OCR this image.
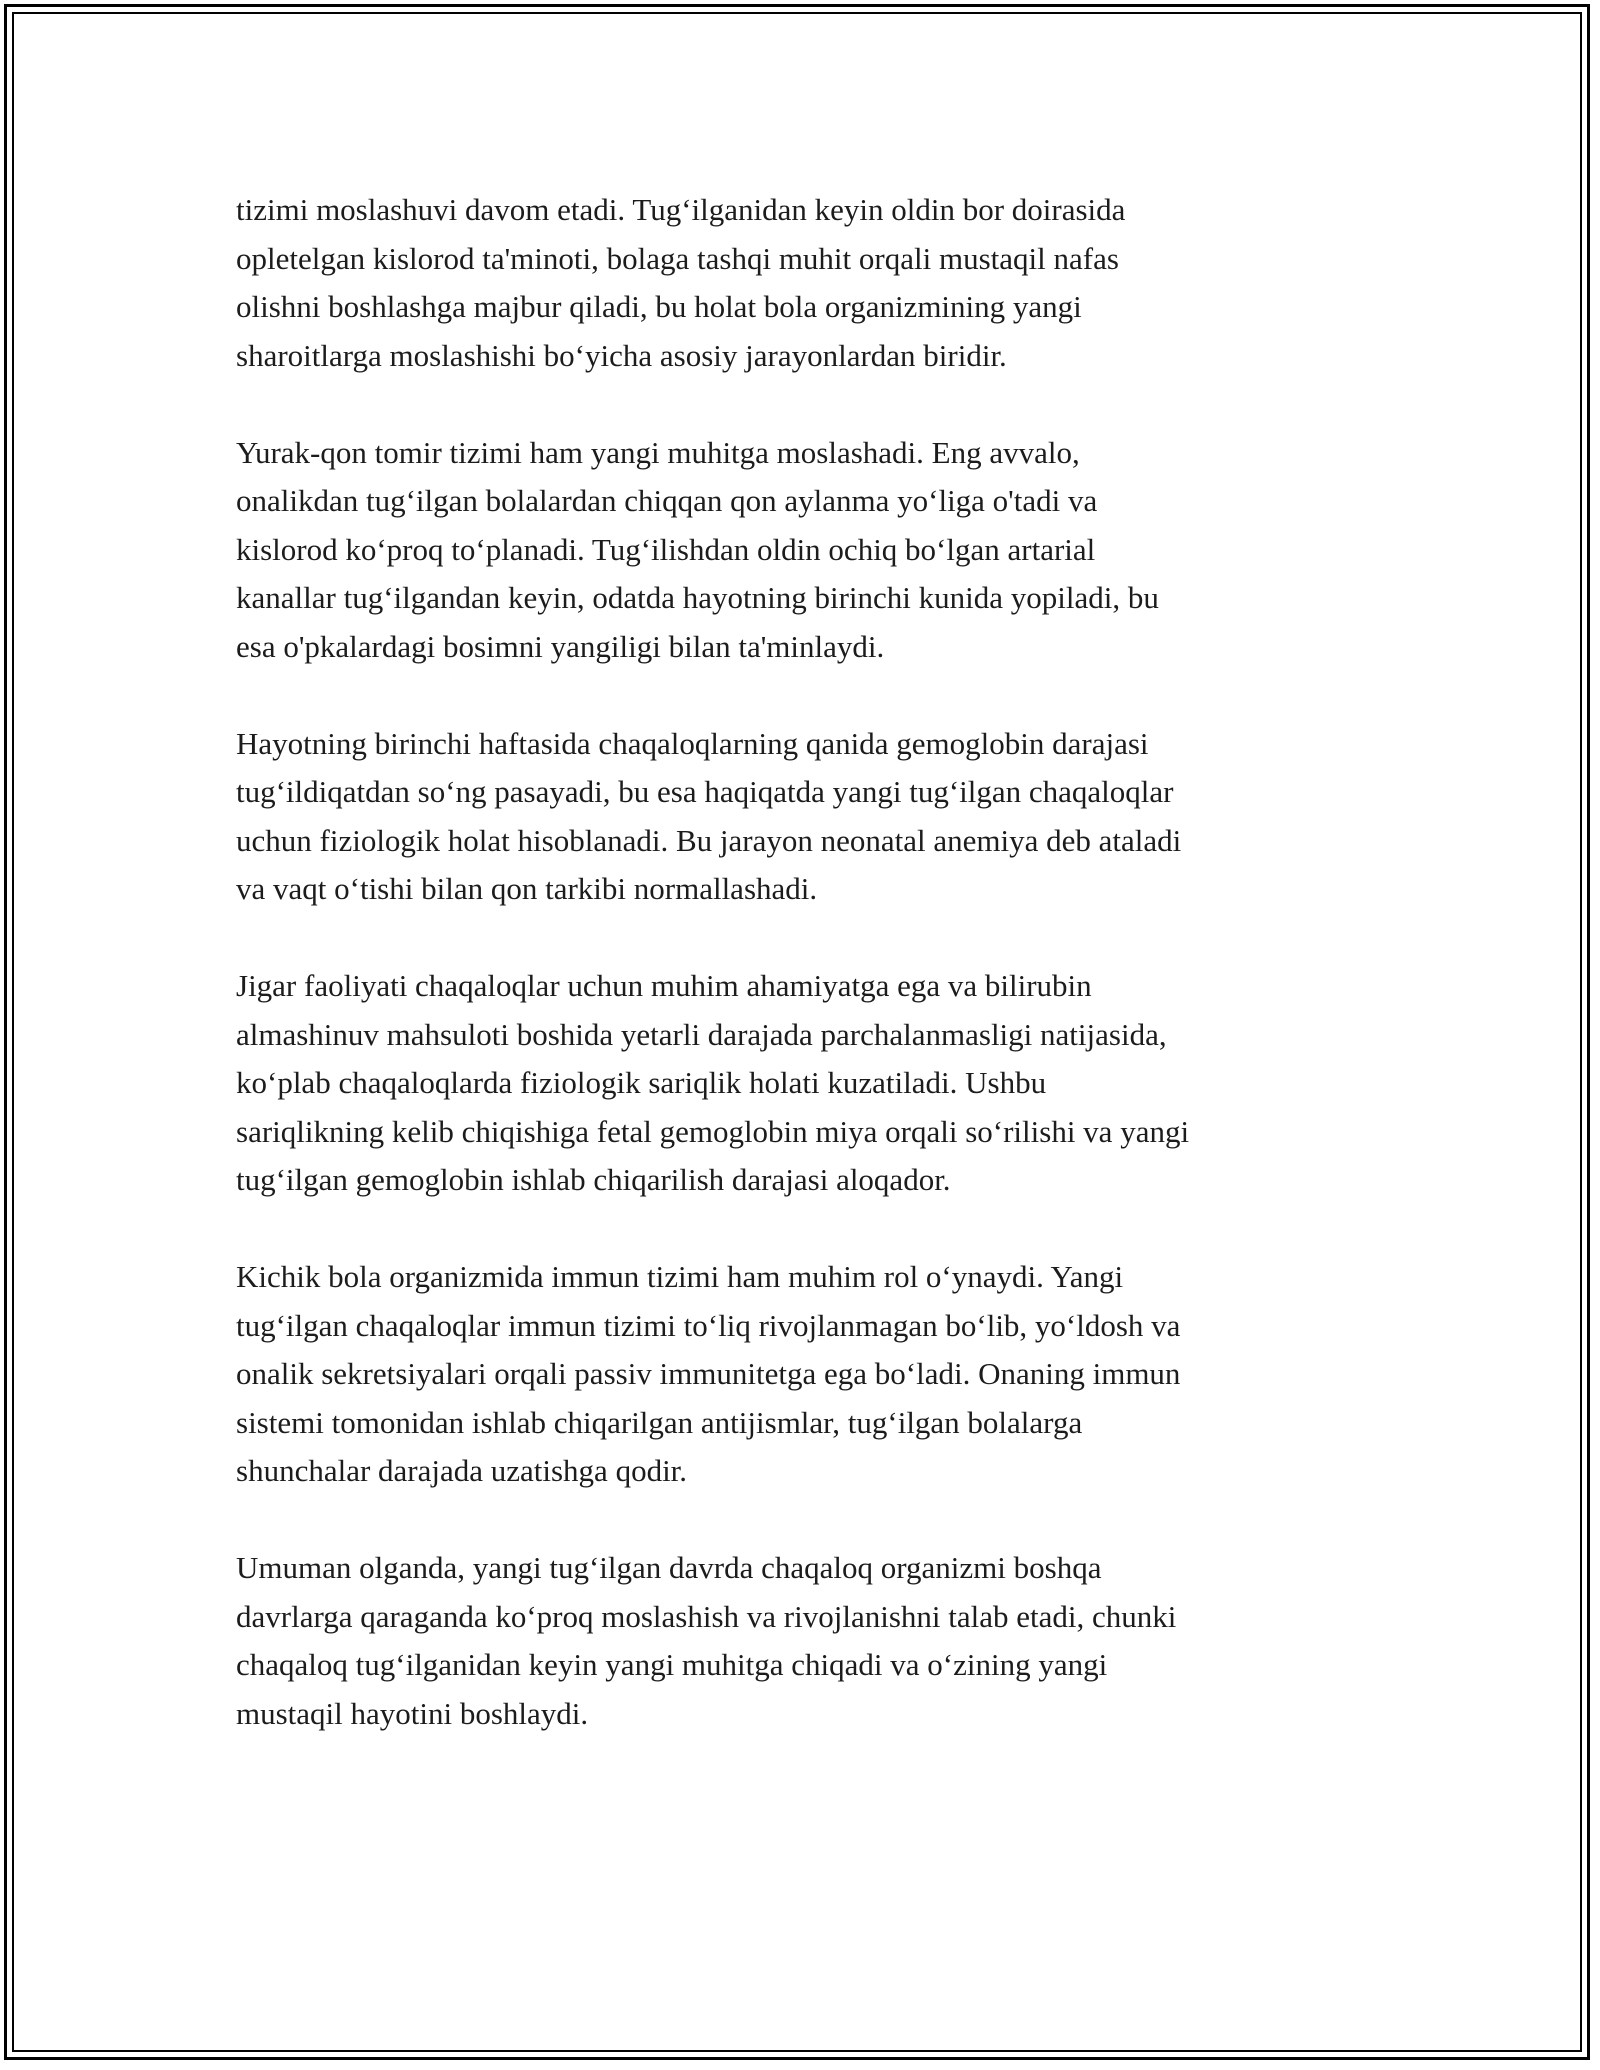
tizimi moslashuvi davom etadi. Tug‘ilganidan keyin oldin bor doirasida
opletelgan kislorod ta'minoti, bolaga tashqi muhit orqali mustaqil nafas
olishni boshlashga majbur qiladi, bu holat bola organizmining yangi
sharoitlarga moslashishi bo‘yicha asosiy jarayonlardan biridir.

Yurak-qon tomir tizimi ham yangi muhitga moslashadi. Eng avvalo,
onalikdan tug‘ilgan bolalardan chiqqan qon aylanma yo‘liga o'tadi va
kislorod ko‘proq to‘planadi. Tug‘ilishdan oldin ochiq bo‘lgan artarial
kanallar tug‘ilgandan keyin, odatda hayotning birinchi kunida yopiladi, bu
esa o'pkalardagi bosimni yangiligi bilan ta'minlaydi.

Hayotning birinchi haftasida chaqaloqlarning qanida gemoglobin darajasi
tug‘ildiqatdan so‘ng pasayadi, bu esa haqiqatda yangi tug‘ilgan chaqaloqlar
uchun fiziologik holat hisoblanadi. Bu jarayon neonatal anemiya deb ataladi
va vaqt o‘tishi bilan qon tarkibi normallashadi.

Jigar faoliyati chaqaloqlar uchun muhim ahamiyatga ega va bilirubin
almashinuv mahsuloti boshida yetarli darajada parchalanmasligi natijasida,
ko‘plab chaqaloqlarda fiziologik sariqlik holati kuzatiladi. Ushbu
sariqlikning kelib chiqishiga fetal gemoglobin miya orqali so‘rilishi va yangi
tug‘ilgan gemoglobin ishlab chiqarilish darajasi aloqador.

Kichik bola organizmida immun tizimi ham muhim rol o‘ynaydi. Yangi
tug‘ilgan chaqaloqlar immun tizimi to‘liq rivojlanmagan bo‘lib, yo‘ldosh va
onalik sekretsiyalari orqali passiv immunitetga ega bo‘ladi. Onaning immun
sistemi tomonidan ishlab chiqarilgan antijismlar, tug‘ilgan bolalarga
shunchalar darajada uzatishga qodir.

Umuman olganda, yangi tug‘ilgan davrda chaqaloq organizmi boshqa
davrlarga qaraganda ko‘proq moslashish va rivojlanishni talab etadi, chunki
chaqaloq tug‘ilganidan keyin yangi muhitga chiqadi va o‘zining yangi
mustaqil hayotini boshlaydi.
